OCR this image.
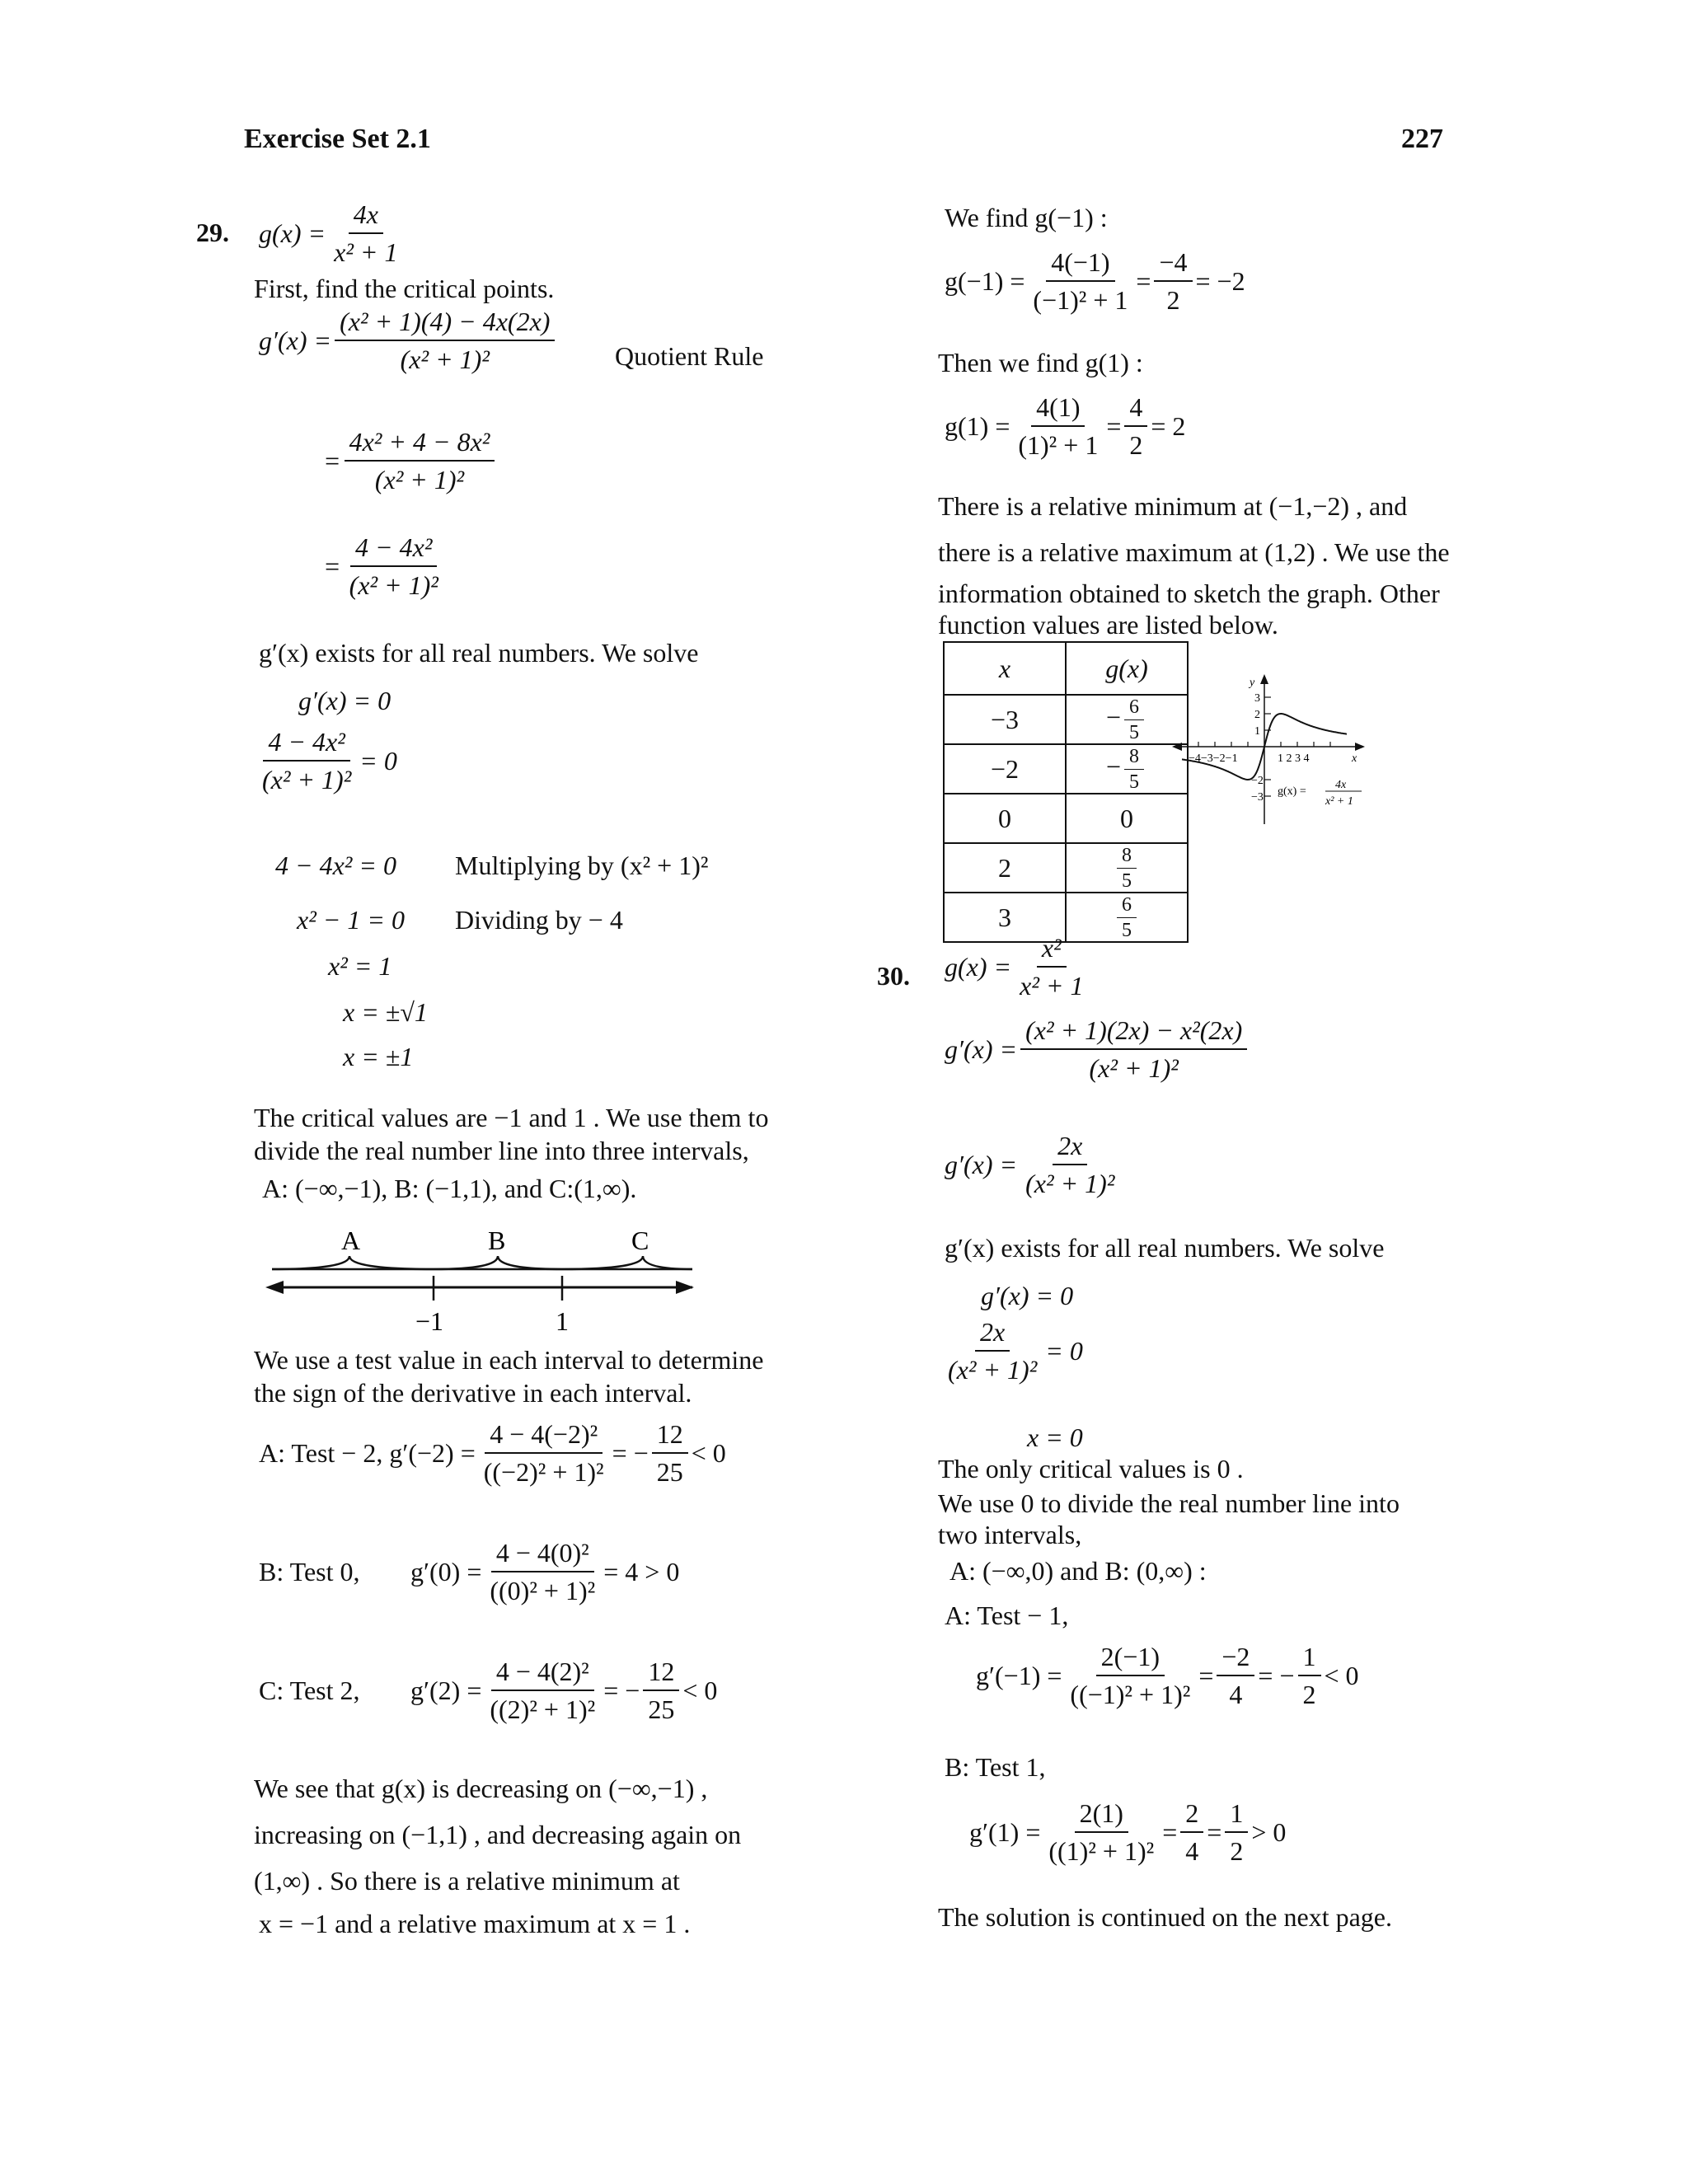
Exercise Set 2.1	227
29. $g(x) = \frac{4x}{\text{x² + 1}}$
First, find the critical points.
$g'(x) = \frac{\text{(x² + 1)(4) − 4x(2x)}}{\text{(x² + 1)²}}$ Quotient Rule
= $\frac{\text{4x² + 4 − 8x²}}{\text{(x² + 1)²}}$
= $\frac{\text{4 − 4x²}}{\text{(x² + 1)²}}$
g′(x) exists for all real numbers. We solve
g′(x) = 0
$\frac{\text{4 − 4x²}}{\text{(x² + 1)²}} = 0$
4 − 4x² = 0 Multiplying by (x² + 1)²
x² − 1 = 0 Dividing by − 4
x² = 1
x = ±√1
x = ±1
The critical values are −1 and 1 . We use them to
divide the real number line into three intervals,
A: (−∞,−1), B: (−1,1), and C:(1,∞).
A	B	C
−1	1
We use a test value in each interval to determine
the sign of the derivative in each interval.
A: Test − 2, $g'(-2) = \frac{\text{4 − 4(−2)²}}{\text{((−2)² + 1)²}}$ = − $\frac{12}{25} < 0$
B: Test 0,	$g'(0) = \frac{\text{4 − 4(0)²}}{\text{((0)² + 1)²}} = 4 > 0$
C: Test 2,	$g'(2) = \frac{\text{4 − 4(2)²}}{\text{((2)² + 1)²}}$ = − $\frac{12}{25} < 0$
We see that g(x) is decreasing on (−∞,−1) ,
increasing on (−1,1) , and decreasing again on
(1,∞) . So there is a relative minimum at
x = −1 and a relative maximum at x = 1 .
We find g(−1) :
$g(-1) = \frac{4(-1)}{\text{(−1)² + 1}} = \frac{-4}{2} = -2$
Then we find g(1) :
$g(1) = \frac{4(1)}{\text{(1)² + 1}} = \frac{4}{2} = 2$
There is a relative minimum at (−1,−2) , and
there is a relative maximum at (1,2) . We use the
information obtained to sketch the graph. Other
function values are listed below.
x	g(x)
−3	− $\frac{6}{5}$

−2	− $\frac{8}{5}$

0	0
2	$\frac{8}{5}$

3	$\frac{6}{5}$
y
x
3
2
1
−2
−3
−4−3−2−1	1 2 3 4
g(x) =
4x
x² + 1
30. $g(x) = \frac{\text{x²}}{\text{x² + 1}}$
$g'(x) = \frac{\text{(x² + 1)(2x) − x²(2x)}}{\text{(x² + 1)²}}$
$g'(x) = \frac{2x}{\text{(x² + 1)²}}$
g′(x) exists for all real numbers. We solve
g′(x) = 0
$\frac{2x}{\text{(x² + 1)²}} = 0$
x = 0
The only critical values is 0 .
We use 0 to divide the real number line into
two intervals,
A: (−∞,0) and B: (0,∞) :
A: Test − 1,
$g'(-1) = \frac{2(-1)}{\text{((−1)² + 1)²}} = \frac{-2}{4}$ = − $\frac{1}{2} < 0$
B: Test 1,
$g'(1) = \frac{2(1)}{\text{((1)² + 1)²}} = \frac{2}{4} = \frac{1}{2} > 0$
The solution is continued on the next page.
